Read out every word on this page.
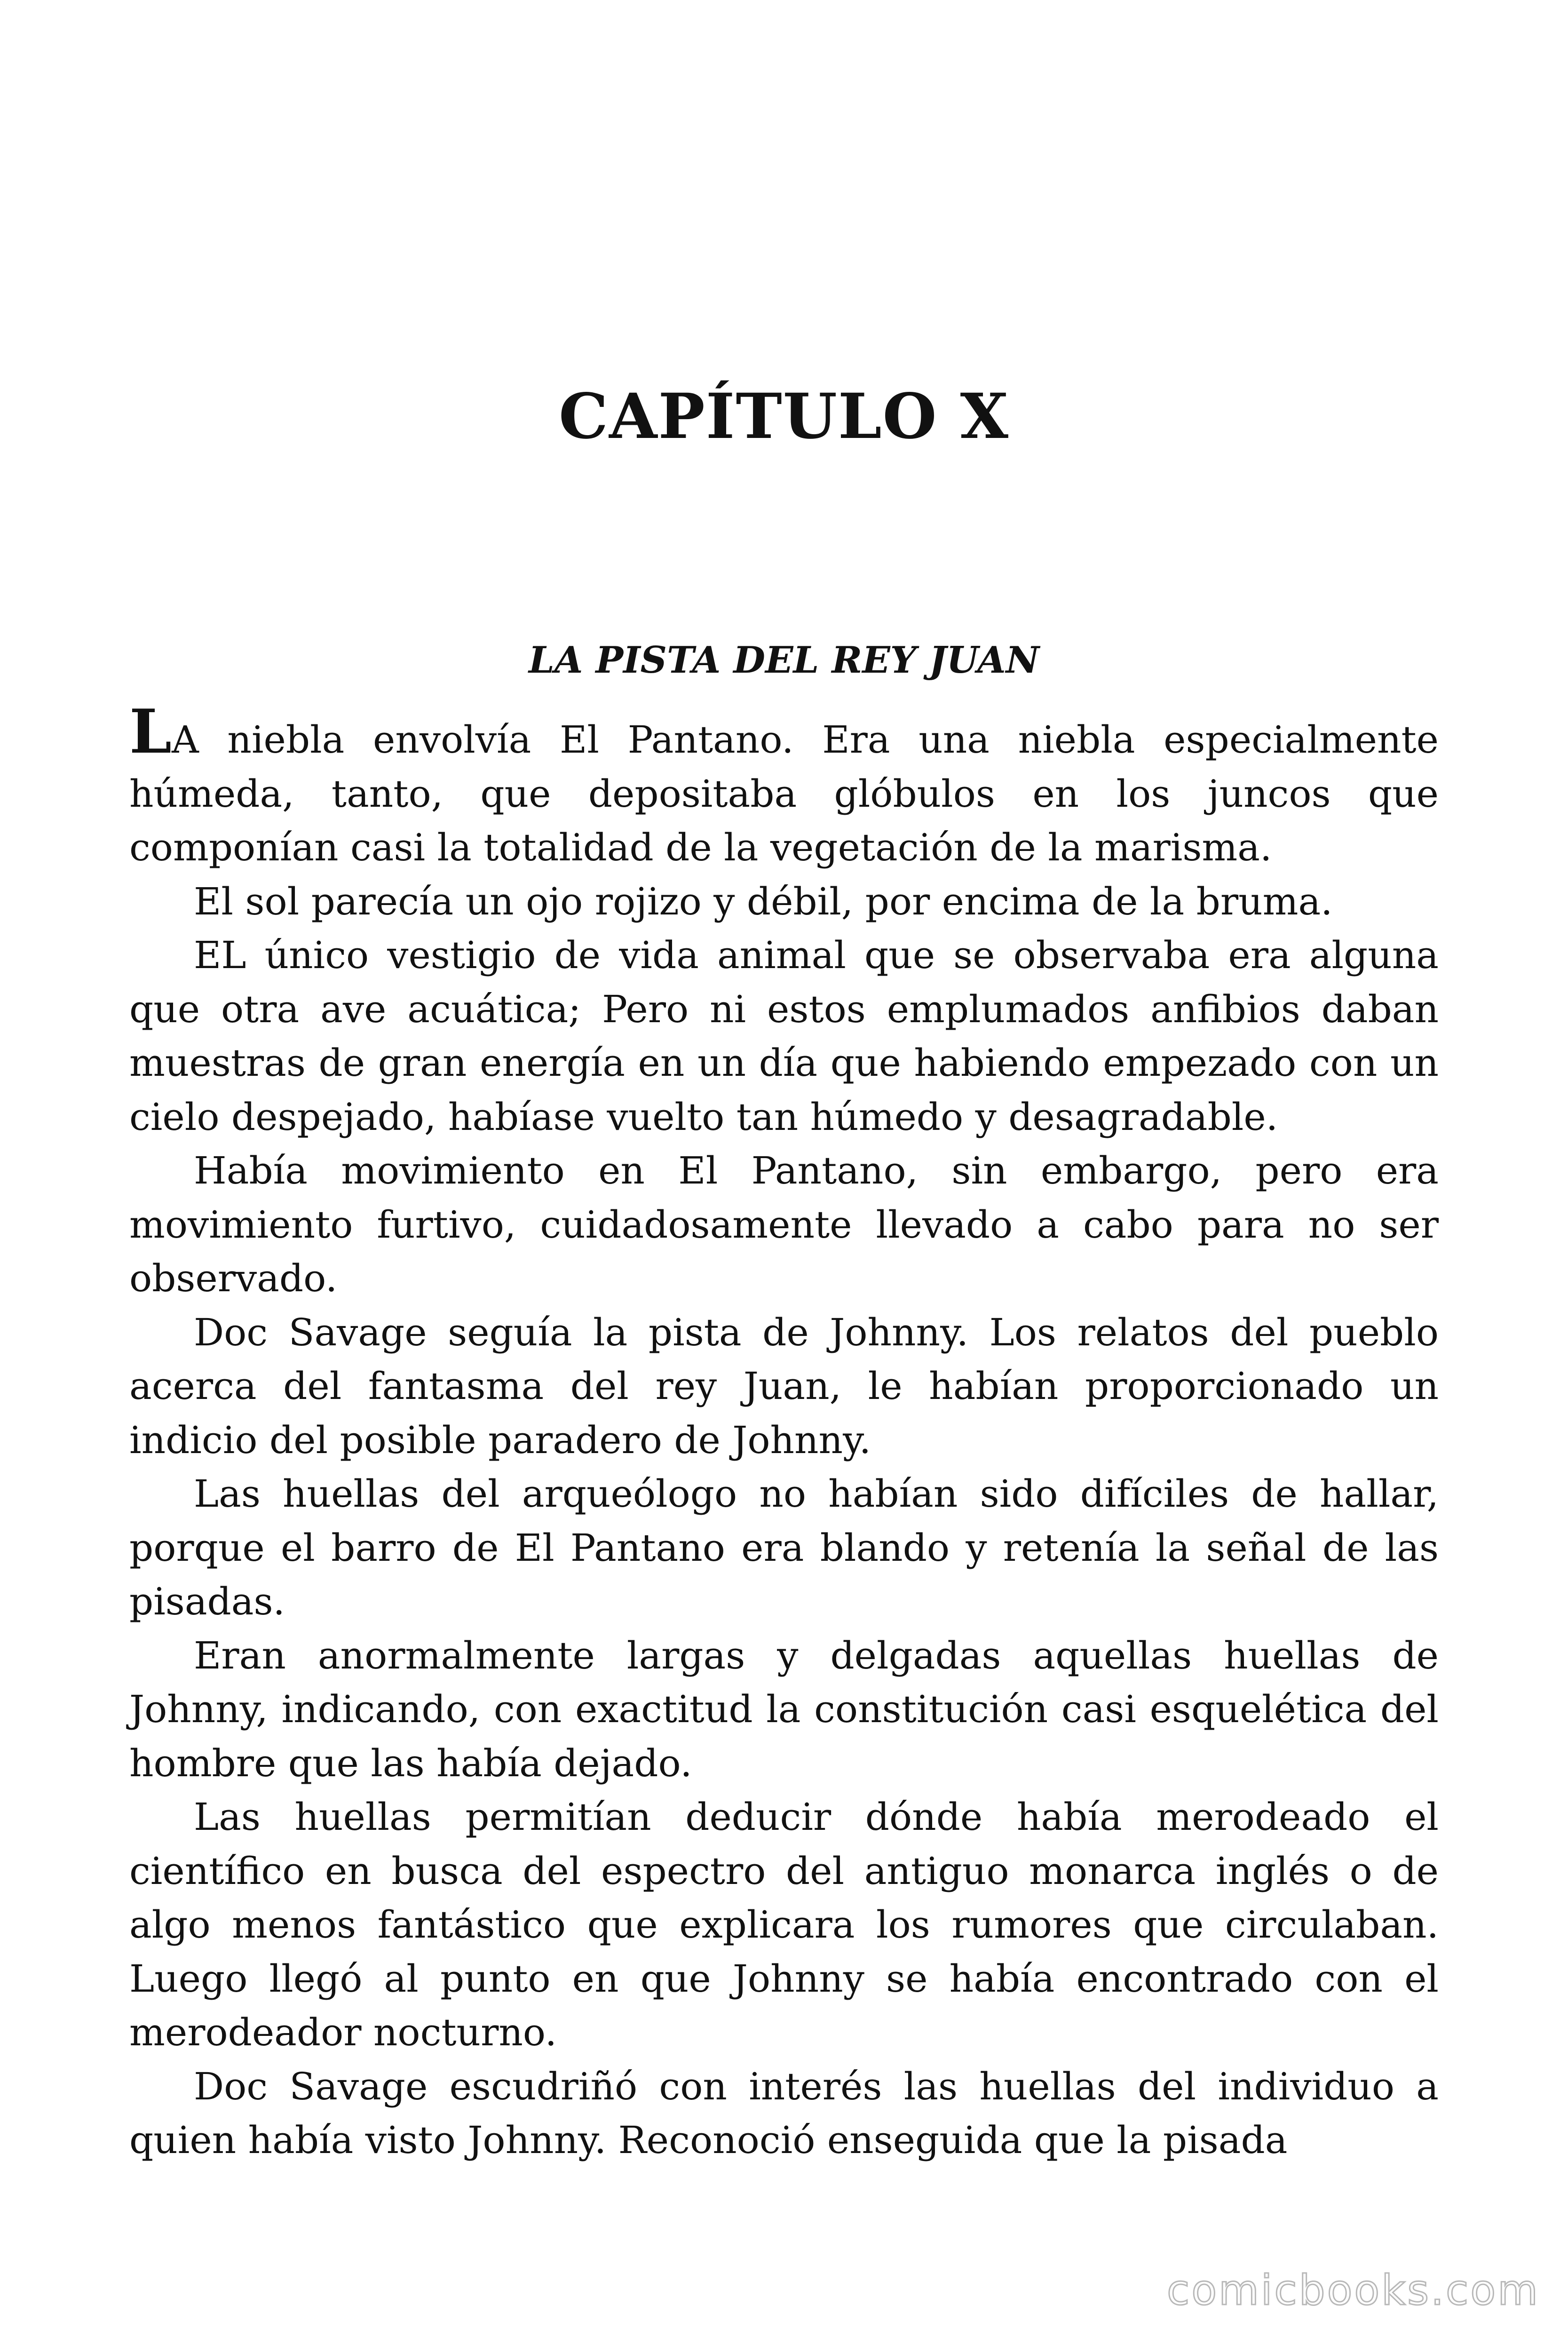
CAPÍTULO X
LA PISTA DEL REY JUAN

LA niebla envolvía El Pantano. Era una niebla especialmente húmeda, tanto, que depositaba glóbulos en los juncos que componían casi la totalidad de la vegetación de la marisma.

El sol parecía un ojo rojizo y débil, por encima de la bruma.

EL único vestigio de vida animal que se observaba era alguna que otra ave acuática; Pero ni estos emplumados anfibios daban muestras de gran energía en un día que habiendo empezado con un cielo despejado, habíase vuelto tan húmedo y desagradable.

Había movimiento en El Pantano, sin embargo, pero era movimiento furtivo, cuidadosamente llevado a cabo para no ser observado.

Doc Savage seguía la pista de Johnny. Los relatos del pueblo acerca del fantasma del rey Juan, le habían proporcionado un indicio del posible paradero de Johnny.

Las huellas del arqueólogo no habían sido difíciles de hallar, porque el barro de El Pantano era blando y retenía la señal de las pisadas.

Eran anormalmente largas y delgadas aquellas huellas de Johnny, indicando, con exactitud la constitución casi esquelética del hombre que las había dejado.

Las huellas permitían deducir dónde había merodeado el científico en busca del espectro del antiguo monarca inglés o de algo menos fantástico que explicara los rumores que circulaban. Luego llegó al punto en que Johnny se había encontrado con el merodeador nocturno.

Doc Savage escudriñó con interés las huellas del individuo a quien había visto Johnny. Reconoció enseguida que la pisada

comicbooks.com
